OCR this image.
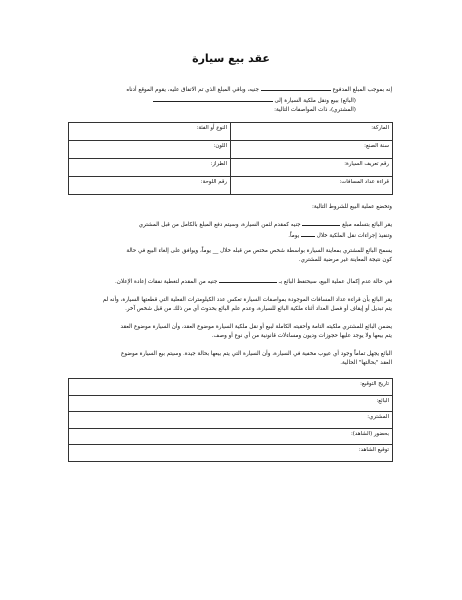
عقد بيع سيارة
إنه بموجب المبلغ المدفوع  جنيه، وباقي المبلغ الذي تم الاتفاق عليه، يقوم الموقع أدناه
(البائع) ببيع ونقل ملكية السيارة إلى
(المشتري)، ذات المواصفات التالية:
الماركة:	النوع أو الفئة:
سنة الصنع:	اللون:
رقم تعريف السيارة:	الطراز:
قراءة عداد المسافات:	رقم اللوحة:
وتخضع عملية البيع للشروط التالية:
يقر البائع بتسلمه مبلغ  جنيه كمقدم لثمن السيارة، وسيتم دفع المبلغ بالكامل من قبل المشتري
وتنفيذ إجراءات نقل الملكية خلال  يوماً.
يسمح البائع للمشتري بمعاينة السيارة بواسطة شخص مختص من قبله خلال __ يوماً، ويوافق على إلغاء البيع في حالة
كون نتيجة المعاينة غير مرضية للمشتري.
في حالة عدم إكمال عملية البيع، سيحتفظ البائع بـ  جنيه من المقدم لتغطية نفقات إعادة الإعلان.
يقر البائع بأن قراءة عداد المسافات الموجودة بمواصفات السيارة تعكس عدد الكيلومترات الفعلية التي قطعتها السيارة، وأنه لم
يتم تبديل أو إيقاف أو فصل العداد أثناء ملكية البائع للسيارة، وعدم علم البائع بحدوث أي من ذلك من قبل شخص آخر.
يضمن البائع للمشتري ملكيته التامة وأحقيته الكاملة لبيع أو نقل ملكية السيارة موضوع العقد، وأن السيارة موضوع العقد
يتم بيعها ولا يوجد عليها حجوزات وديون ومساءلات قانونية من أي نوع أو وصف.
البائع يجهل تماماً وجود أي عيوب مخفية في السيارة، وأن السيارة التي يتم بيعها بحالة جيدة. وسيتم بيع السيارة موضوع
العقد "بحالتها" الحالية.
تاريخ التوقيع:
البائع:
المشتري:
بحضور (الشاهد):
توقيع الشاهد:
